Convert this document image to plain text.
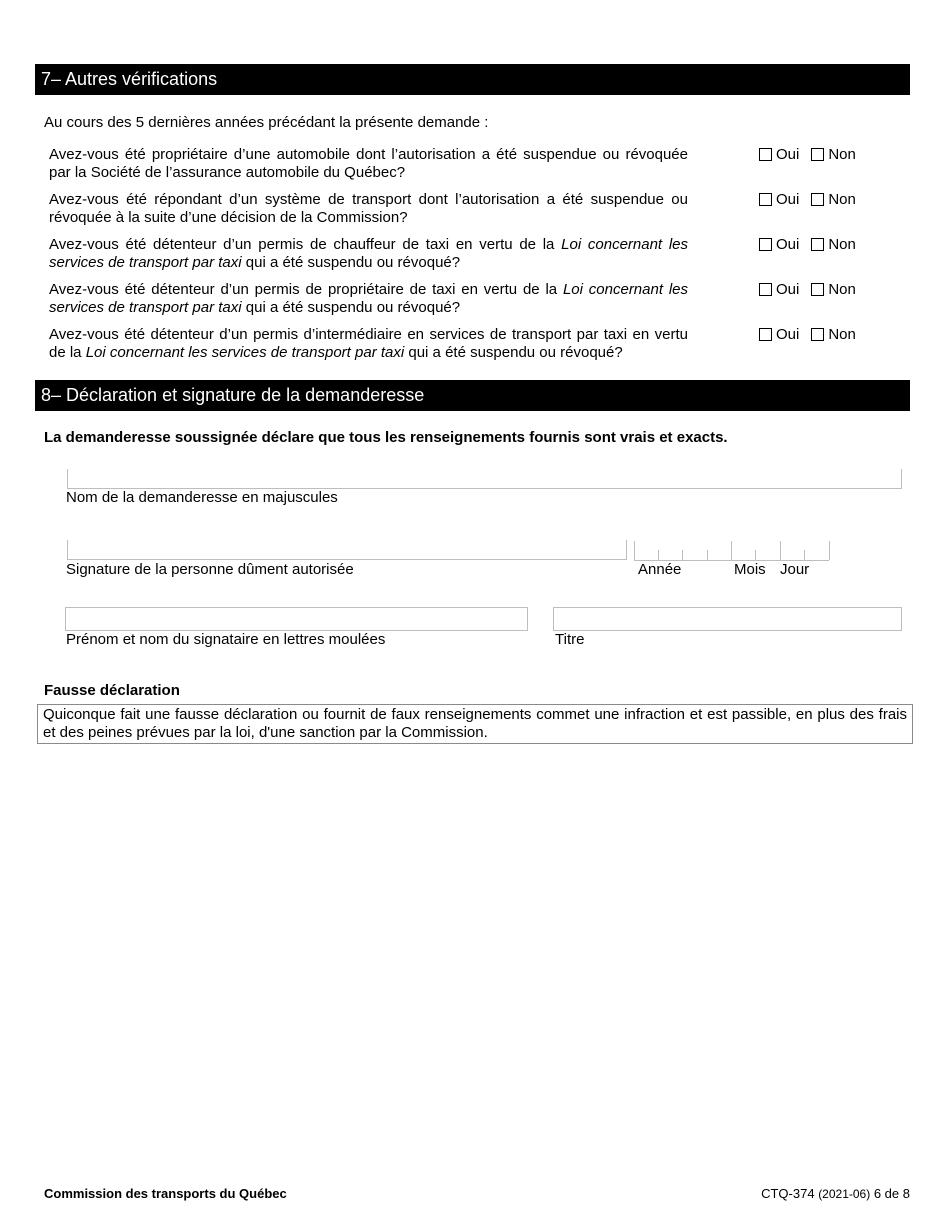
7– Autres vérifications
Au cours des 5 dernières années précédant la présente demande :
Avez-vous été propriétaire d’une automobile dont l’autorisation a été suspendue ou révoquée par la Société de l’assurance automobile du Québec?
Oui Non
Avez-vous été répondant d’un système de transport dont l’autorisation a été suspendue ou révoquée à la suite d’une décision de la Commission?
Oui Non
Avez-vous été détenteur d’un permis de chauffeur de taxi en vertu de la Loi concernant les services de transport par taxi qui a été suspendu ou révoqué?
Oui Non
Avez-vous été détenteur d’un permis de propriétaire de taxi en vertu de la Loi concernant les services de transport par taxi qui a été suspendu ou révoqué?
Oui Non
Avez-vous été détenteur d’un permis d’intermédiaire en services de transport par taxi en vertu de la Loi concernant les services de transport par taxi qui a été suspendu ou révoqué?
Oui Non
8– Déclaration et signature de la demanderesse
La demanderesse soussignée déclare que tous les renseignements fournis sont vrais et exacts.
Nom de la demanderesse en majuscules
Signature de la personne dûment autorisée	Année	Mois Jour
Prénom et nom du signataire en lettres moulées	Titre
Fausse déclaration
Quiconque fait une fausse déclaration ou fournit de faux renseignements commet une infraction et est passible, en plus des frais et des peines prévues par la loi, d'une sanction par la Commission.
Commission des transports du Québec	CTQ-374 (2021-06) 6 de 8
